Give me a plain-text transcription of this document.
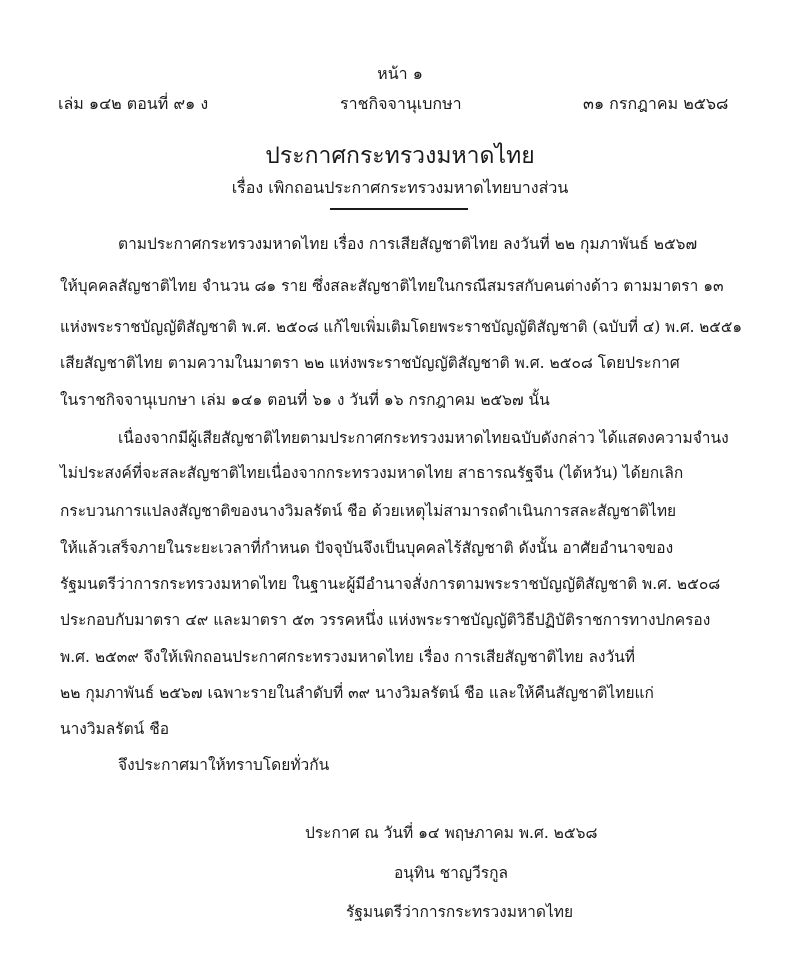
หน้า ๑
เล่ม ๑๔๒ ตอนที่ ๙๑ ง	ราชกิจจานุเบกษา	๓๑ กรกฎาคม ๒๕๖๘
ประกาศกระทรวงมหาดไทย
เรื่อง เพิกถอนประกาศกระทรวงมหาดไทยบางส่วน
ตามประกาศกระทรวงมหาดไทย เรื่อง การเสียสัญชาติไทย ลงวันที่ ๒๒ กุมภาพันธ์ ๒๕๖๗
ให้บุคคลสัญชาติไทย จำนวน ๘๑ ราย ซึ่งสละสัญชาติไทยในกรณีสมรสกับคนต่างด้าว ตามมาตรา ๑๓
แห่งพระราชบัญญัติสัญชาติ พ.ศ. ๒๕๐๘ แก้ไขเพิ่มเติมโดยพระราชบัญญัติสัญชาติ (ฉบับที่ ๔) พ.ศ. ๒๕๕๑
เสียสัญชาติไทย ตามความในมาตรา ๒๒ แห่งพระราชบัญญัติสัญชาติ พ.ศ. ๒๕๐๘ โดยประกาศ
ในราชกิจจานุเบกษา เล่ม ๑๔๑ ตอนที่ ๖๑ ง วันที่ ๑๖ กรกฎาคม ๒๕๖๗ นั้น
เนื่องจากมีผู้เสียสัญชาติไทยตามประกาศกระทรวงมหาดไทยฉบับดังกล่าว ได้แสดงความจำนง
ไม่ประสงค์ที่จะสละสัญชาติไทยเนื่องจากกระทรวงมหาดไทย สาธารณรัฐจีน (ไต้หวัน) ได้ยกเลิก
กระบวนการแปลงสัญชาติของนางวิมลรัตน์ ชือ ด้วยเหตุไม่สามารถดำเนินการสละสัญชาติไทย
ให้แล้วเสร็จภายในระยะเวลาที่กำหนด ปัจจุบันจึงเป็นบุคคลไร้สัญชาติ ดังนั้น อาศัยอำนาจของ
รัฐมนตรีว่าการกระทรวงมหาดไทย ในฐานะผู้มีอำนาจสั่งการตามพระราชบัญญัติสัญชาติ พ.ศ. ๒๕๐๘
ประกอบกับมาตรา ๔๙ และมาตรา ๕๓ วรรคหนึ่ง แห่งพระราชบัญญัติวิธีปฏิบัติราชการทางปกครอง
พ.ศ. ๒๕๓๙ จึงให้เพิกถอนประกาศกระทรวงมหาดไทย เรื่อง การเสียสัญชาติไทย ลงวันที่
๒๒ กุมภาพันธ์ ๒๕๖๗ เฉพาะรายในลำดับที่ ๓๙ นางวิมลรัตน์ ชือ และให้คืนสัญชาติไทยแก่
นางวิมลรัตน์ ชือ
จึงประกาศมาให้ทราบโดยทั่วกัน
ประกาศ ณ วันที่ ๑๔ พฤษภาคม พ.ศ. ๒๕๖๘
อนุทิน ชาญวีรกูล
รัฐมนตรีว่าการกระทรวงมหาดไทย
